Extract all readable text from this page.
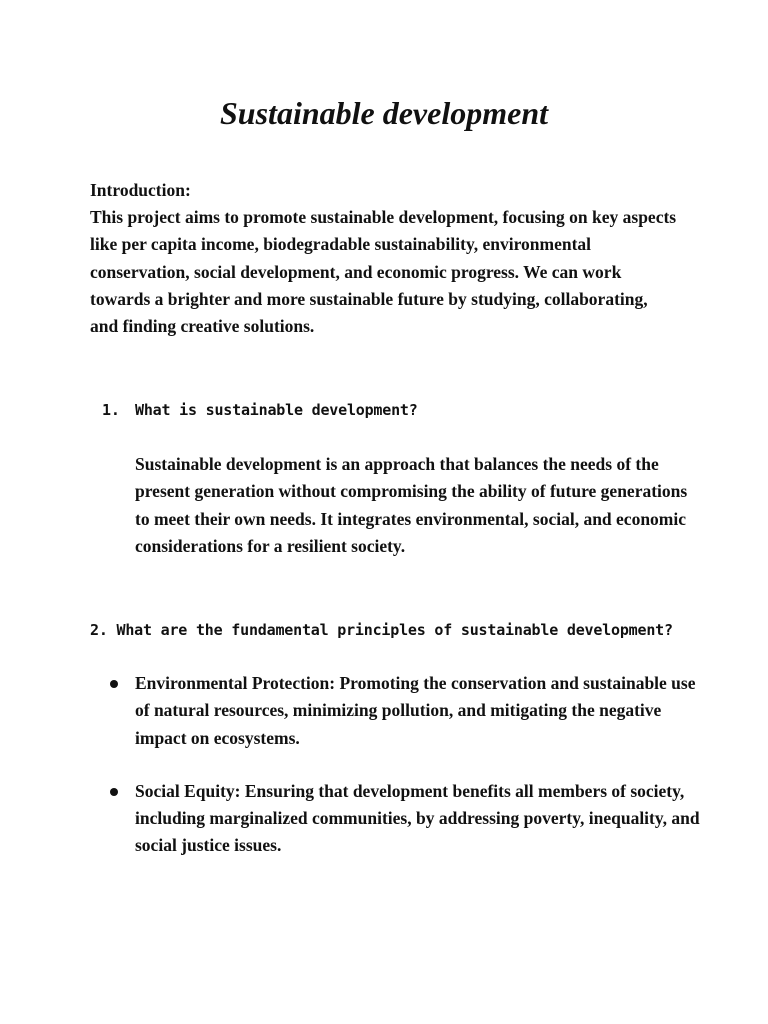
Sustainable development

Introduction:

This project aims to promote sustainable development, focusing on key aspects like per capita income, biodegradable sustainability, environmental conservation, social development, and economic progress. We can work towards a brighter and more sustainable future by studying, collaborating, and finding creative solutions.

1. What is sustainable development?

Sustainable development is an approach that balances the needs of the present generation without compromising the ability of future generations to meet their own needs. It integrates environmental, social, and economic considerations for a resilient society.

2. What are the fundamental principles of sustainable development?
Environmental Protection: Promoting the conservation and sustainable use of natural resources, minimizing pollution, and mitigating the negative impact on ecosystems.
Social Equity: Ensuring that development benefits all members of society, including marginalized communities, by addressing poverty, inequality, and social justice issues.
